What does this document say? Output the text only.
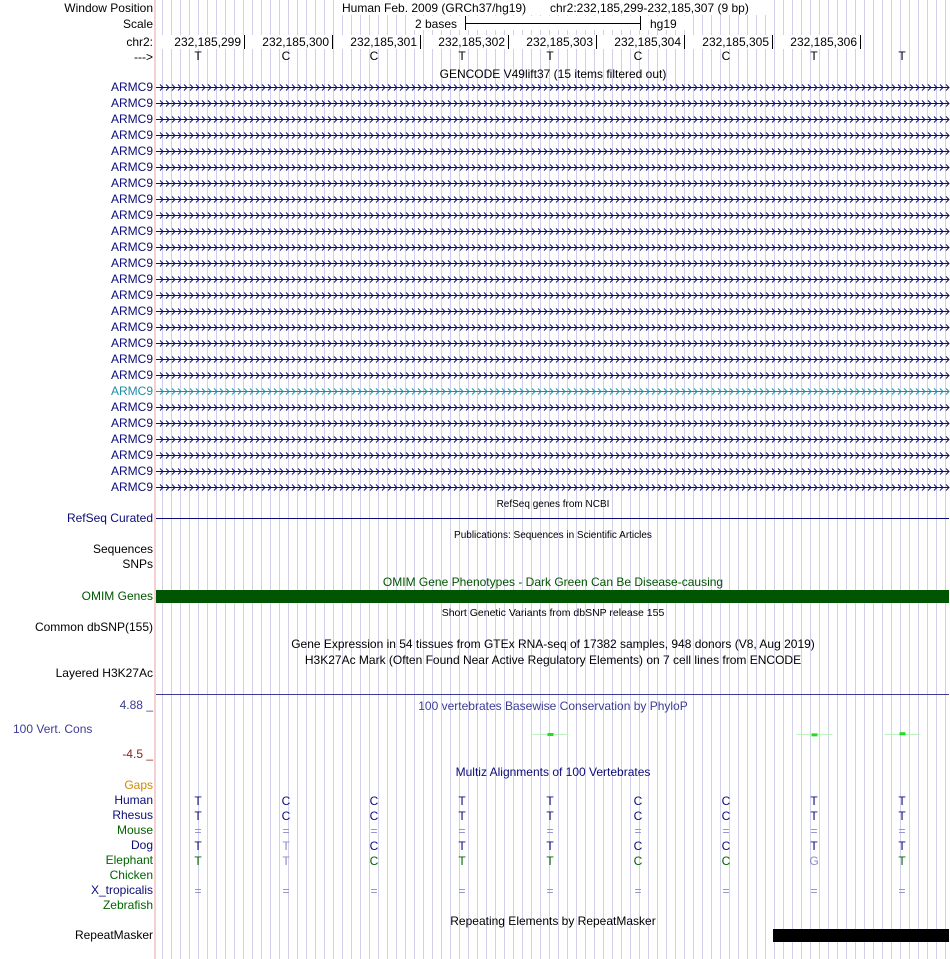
Window Position	Human Feb. 2009 (GRCh37/hg19) chr2:232,185,299-232,185,307 (9 bp)
Scale	2 bases	hg19
chr2:
--->
232,185,299 232,185,300 232,185,301 232,185,302 232,185,303 232,185,304 232,185,305 232,185,306
T	C	C	T	T	C	C	T	T
GENCODE V49lift37 (15 items filtered out)
ARMC9
ARMC9
ARMC9
ARMC9
ARMC9
ARMC9
ARMC9
ARMC9
ARMC9
ARMC9
ARMC9
ARMC9
ARMC9
ARMC9
ARMC9
ARMC9
ARMC9
ARMC9
ARMC9
ARMC9
ARMC9
ARMC9
ARMC9
ARMC9
ARMC9
ARMC9
RefSeq genes from NCBI
RefSeq Curated
Publications: Sequences in Scientific Articles
Sequences
SNPs
OMIM Gene Phenotypes - Dark Green Can Be Disease-causing
OMIM Genes
Short Genetic Variants from dbSNP release 155
Common dbSNP(155)
Gene Expression in 54 tissues from GTEx RNA-seq of 17382 samples, 948 donors (V8, Aug 2019)
H3K27Ac Mark (Often Found Near Active Regulatory Elements) on 7 cell lines from ENCODE
Layered H3K27Ac
100 vertebrates Basewise Conservation by PhyloP
4.88 _
100 Vert. Cons
-4.5 _
Multiz Alignments of 100 Vertebrates
Gaps
Human	T	C	C	T	T	C	C	T	T
Rhesus	T	C	C	T	T	C	C	T	T
Mouse	=	=	=	=	=	=	=	=	=
Dog	T	T	C	T	T	C	C	T	T
Elephant	T	T	C	T	T	C	C	G	T
Chicken
X_tropicalis	=	=	=	=	=	=	=	=	=
Zebrafish
Repeating Elements by RepeatMasker
RepeatMasker
